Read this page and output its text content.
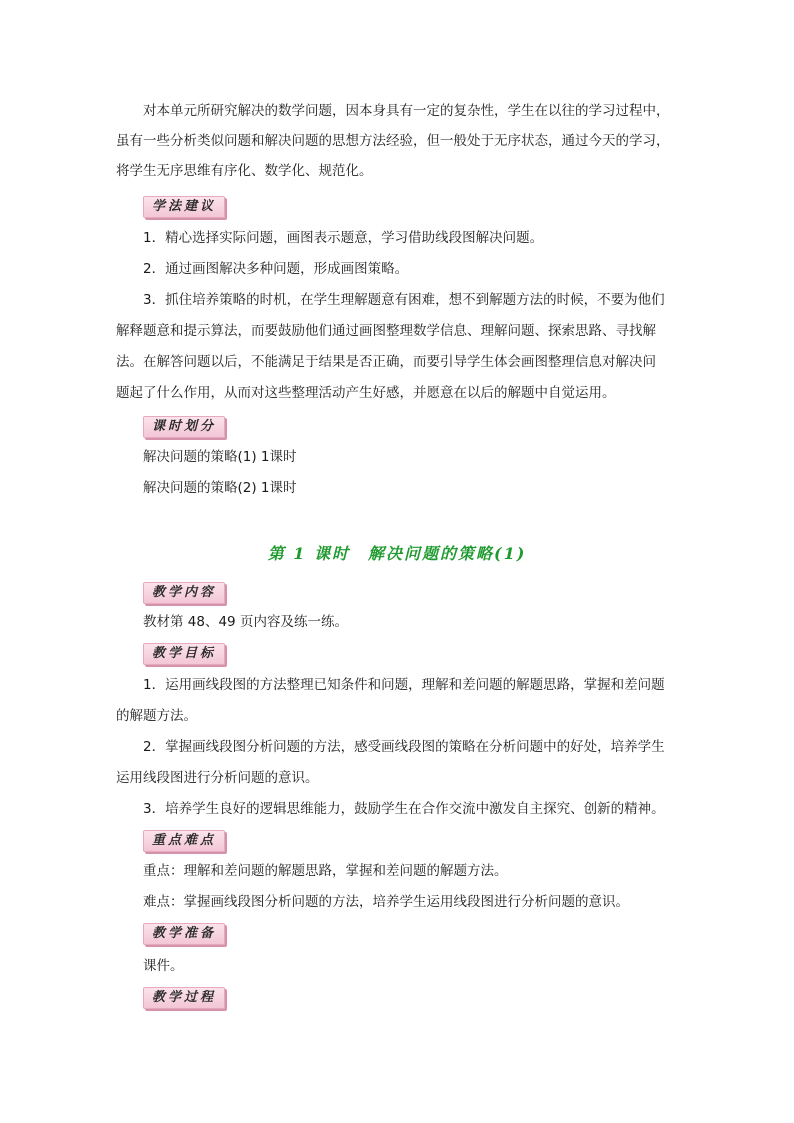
对本单元所研究解决的数学问题，因本身具有一定的复杂性，学生在以往的学习过程中，
虽有一些分析类似问题和解决问题的思想方法经验，但一般处于无序状态，通过今天的学习，
将学生无序思维有序化、数学化、规范化。
学法建议
1．精心选择实际问题，画图表示题意，学习借助线段图解决问题。
2．通过画图解决多种问题，形成画图策略。
3．抓住培养策略的时机，在学生理解题意有困难，想不到解题方法的时候，不要为他们
解释题意和提示算法，而要鼓励他们通过画图整理数学信息、理解问题、探索思路、寻找解
法。在解答问题以后，不能满足于结果是否正确，而要引导学生体会画图整理信息对解决问
题起了什么作用，从而对这些整理活动产生好感，并愿意在以后的解题中自觉运用。
课时划分
解决问题的策略(1) 1课时
解决问题的策略(2) 1课时
第 1 课时　解决问题的策略(1)
教学内容
教材第 48、49 页内容及练一练。
教学目标
1．运用画线段图的方法整理已知条件和问题，理解和差问题的解题思路，掌握和差问题
的解题方法。
2．掌握画线段图分析问题的方法，感受画线段图的策略在分析问题中的好处，培养学生
运用线段图进行分析问题的意识。
3．培养学生良好的逻辑思维能力，鼓励学生在合作交流中激发自主探究、创新的精神。
重点难点
重点：理解和差问题的解题思路，掌握和差问题的解题方法。
难点：掌握画线段图分析问题的方法，培养学生运用线段图进行分析问题的意识。
教学准备
课件。
教学过程
